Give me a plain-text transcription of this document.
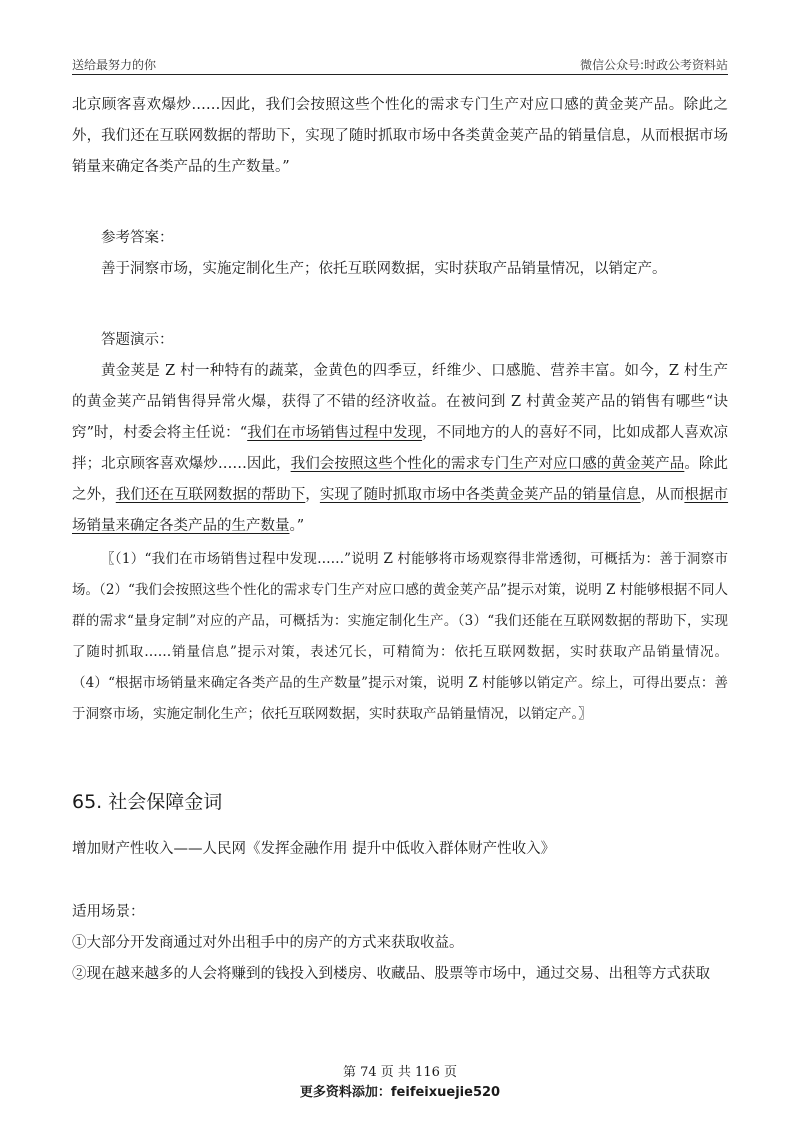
送给最努力的你	微信公众号:时政公考资料站

北京顾客喜欢爆炒……因此，我们会按照这些个性化的需求专门生产对应口感的黄金荚产品。除此之外，我们还在互联网数据的帮助下，实现了随时抓取市场中各类黄金荚产品的销量信息，从而根据市场销量来确定各类产品的生产数量。”

参考答案：

善于洞察市场，实施定制化生产；依托互联网数据，实时获取产品销量情况，以销定产。

答题演示：

黄金荚是 Z 村一种特有的蔬菜，金黄色的四季豆，纤维少、口感脆、营养丰富。如今，Z 村生产的黄金荚产品销售得异常火爆，获得了不错的经济收益。在被问到 Z 村黄金荚产品的销售有哪些“诀窍”时，村委会将主任说：“我们在市场销售过程中发现，不同地方的人的喜好不同，比如成都人喜欢凉拌；北京顾客喜欢爆炒……因此，我们会按照这些个性化的需求专门生产对应口感的黄金荚产品。除此之外，我们还在互联网数据的帮助下，实现了随时抓取市场中各类黄金荚产品的销量信息，从而根据市场销量来确定各类产品的生产数量。”

〖（1）“我们在市场销售过程中发现……”说明 Z 村能够将市场观察得非常透彻，可概括为：善于洞察市场。（2）“我们会按照这些个性化的需求专门生产对应口感的黄金荚产品”提示对策，说明 Z 村能够根据不同人群的需求“量身定制”对应的产品，可概括为：实施定制化生产。（3）“我们还能在互联网数据的帮助下，实现了随时抓取……销量信息”提示对策，表述冗长，可精简为：依托互联网数据，实时获取产品销量情况。（4）“根据市场销量来确定各类产品的生产数量”提示对策，说明 Z 村能够以销定产。综上，可得出要点：善于洞察市场，实施定制化生产；依托互联网数据，实时获取产品销量情况，以销定产。〗

65. 社会保障金词

增加财产性收入——人民网《发挥金融作用 提升中低收入群体财产性收入》

适用场景：

①大部分开发商通过对外出租手中的房产的方式来获取收益。

②现在越来越多的人会将赚到的钱投入到楼房、收藏品、股票等市场中，通过交易、出租等方式获取

第 74 页 共 116 页
更多资料添加：feifeixuejie520
